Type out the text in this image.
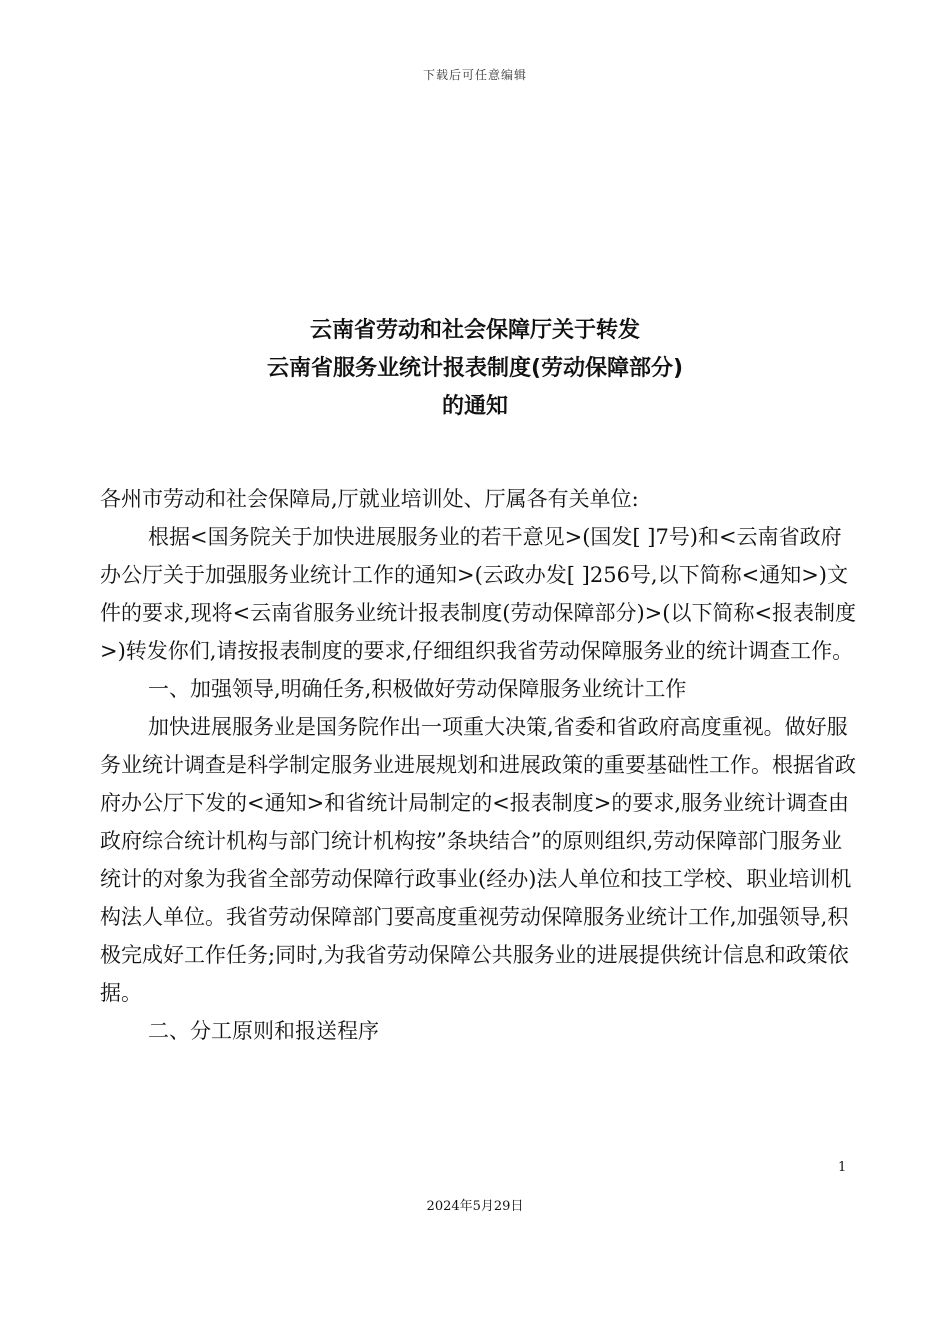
下载后可任意编辑
云南省劳动和社会保障厅关于转发
云南省服务业统计报表制度(劳动保障部分)
的通知

各州市劳动和社会保障局,厅就业培训处、厅属各有关单位:

根据<国务院关于加快进展服务业的若干意见>(国发[ ]7号)和<云南省政府办公厅关于加强服务业统计工作的通知>(云政办发[ ]256号,以下简称<通知>)文件的要求,现将<云南省服务业统计报表制度(劳动保障部分)>(以下简称<报表制度>)转发你们,请按报表制度的要求,仔细组织我省劳动保障服务业的统计调查工作。

一、加强领导,明确任务,积极做好劳动保障服务业统计工作

加快进展服务业是国务院作出一项重大决策,省委和省政府高度重视。做好服务业统计调查是科学制定服务业进展规划和进展政策的重要基础性工作。根据省政府办公厅下发的<通知>和省统计局制定的<报表制度>的要求,服务业统计调查由政府综合统计机构与部门统计机构按”条块结合”的原则组织,劳动保障部门服务业统计的对象为我省全部劳动保障行政事业(经办)法人单位和技工学校、职业培训机构法人单位。我省劳动保障部门要高度重视劳动保障服务业统计工作,加强领导,积极完成好工作任务;同时,为我省劳动保障公共服务业的进展提供统计信息和政策依据。

二、分工原则和报送程序

1
2024年5月29日
